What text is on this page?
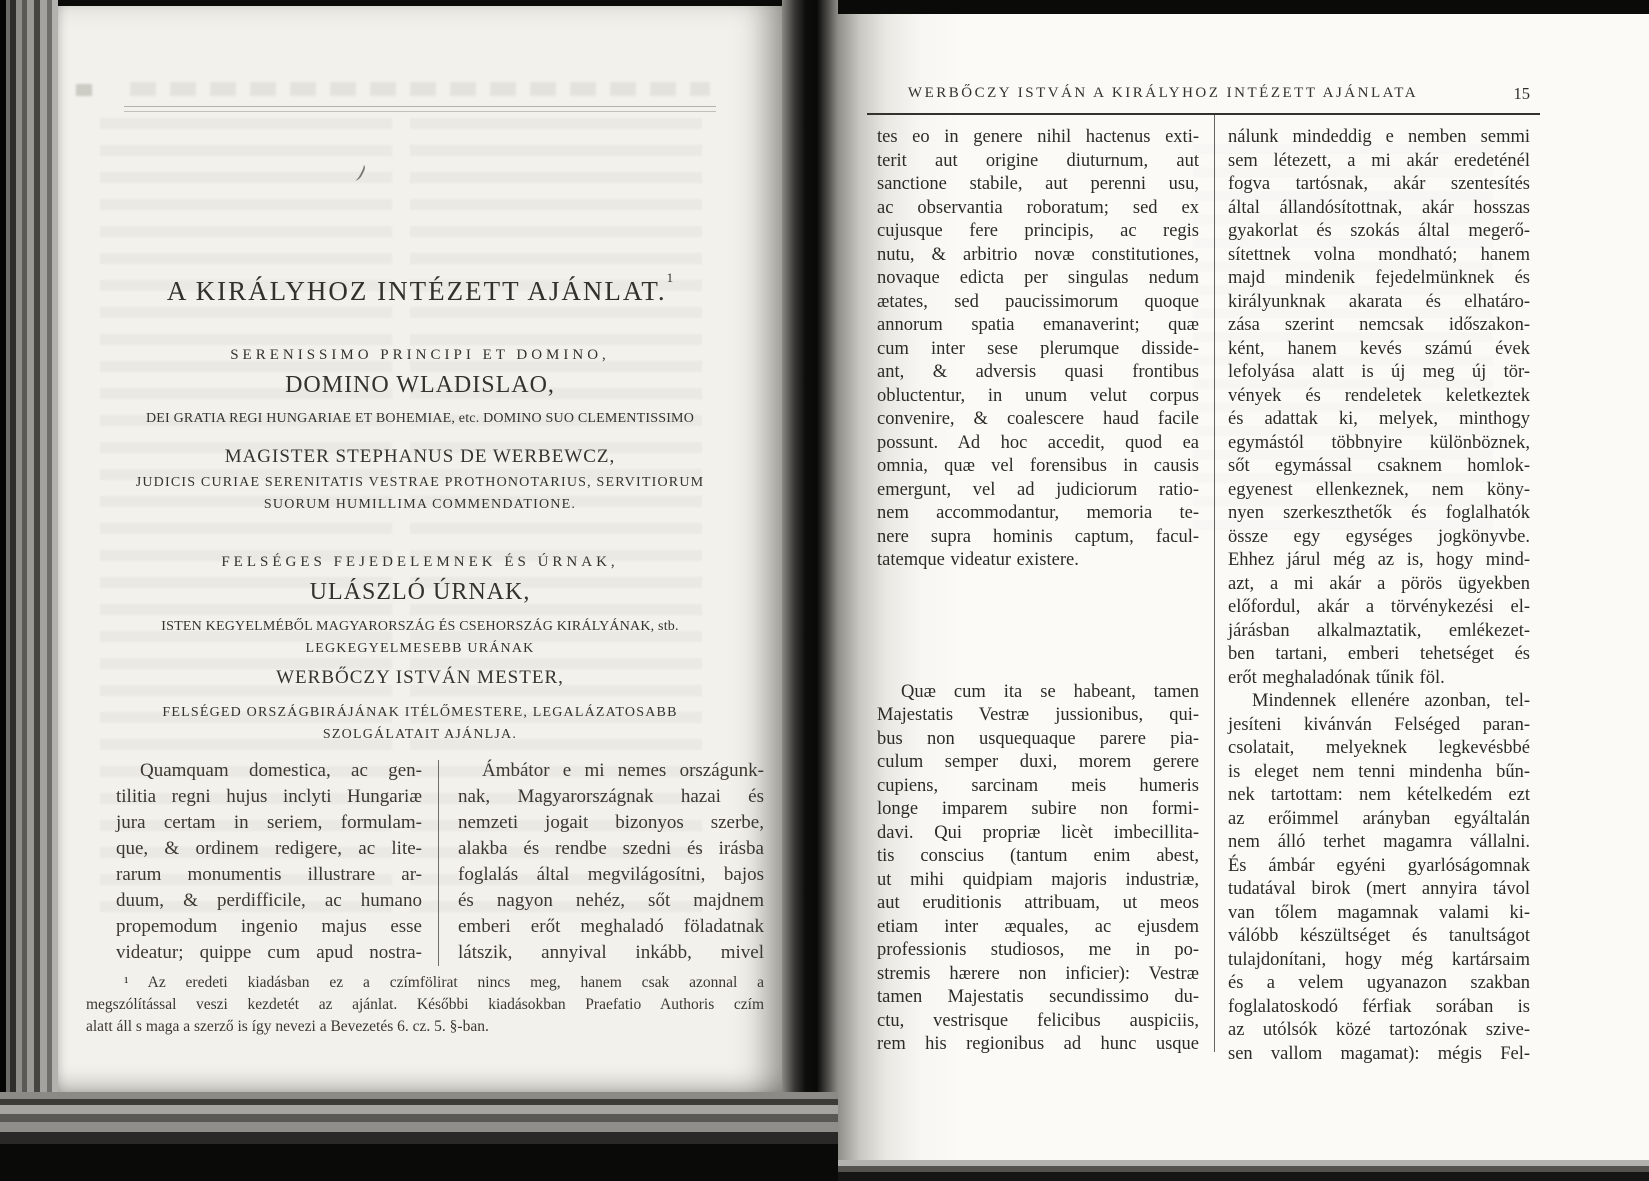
A KIRÁLYHOZ INTÉZETT AJÁNLAT.$^1$
SERENISSIMO PRINCIPI ET DOMINO,
DOMINO WLADISLAO,
DEI GRATIA REGI HUNGARIAE ET BOHEMIAE, etc. DOMINO SUO CLEMENTISSIMO
MAGISTER STEPHANUS DE WERBEWCZ,
JUDICIS CURIAE SERENITATIS VESTRAE PROTHONOTARIUS, SERVITIORUM
SUORUM HUMILLIMA COMMENDATIONE.
FELSÉGES FEJEDELEMNEK ÉS ÚRNAK,
ULÁSZLÓ ÚRNAK,
ISTEN KEGYELMÉBŐL MAGYARORSZÁG ÉS CSEHORSZÁG KIRÁLYÁNAK, stb.
LEGKEGYELMESEBB URÁNAK
WERBŐCZY ISTVÁN MESTER,
FELSÉGED ORSZÁGBIRÁJÁNAK ITÉLŐMESTERE, LEGALÁZATOSABB
SZOLGÁLATAIT AJÁNLJA.
Quamquam domestica, ac gen-
tilitia regni hujus inclyti Hungariæ
jura certam in seriem, formulam-
que, & ordinem redigere, ac lite-
rarum monumentis illustrare ar-
duum, & perdifficile, ac humano
propemodum ingenio majus esse
videatur; quippe cum apud nostra-
Ámbátor e mi nemes országunk-
nak, Magyarországnak hazai és
nemzeti jogait bizonyos szerbe,
alakba és rendbe szedni és irásba
foglalás által megvilágosítni, bajos
és nagyon nehéz, sőt majdnem
emberi erőt meghaladó föladatnak
látszik, annyival inkább, mivel
¹ Az eredeti kiadásban ez a czímfölirat nincs meg, hanem csak azonnal a
megszólítással veszi kezdetét az ajánlat. Későbbi kiadásokban Praefatio Authoris czím
alatt áll s maga a szerző is így nevezi a Bevezetés 6. cz. 5. §-ban.
WERBŐCZY ISTVÁN A KIRÁLYHOZ INTÉZETT AJÁNLATA	15
tes eo in genere nihil hactenus exti-
terit aut origine diuturnum, aut
sanctione stabile, aut perenni usu,
ac observantia roboratum; sed ex
cujusque fere principis, ac regis
nutu, & arbitrio novæ constitutiones,
novaque edicta per singulas nedum
ætates, sed paucissimorum quoque
annorum spatia emanaverint; quæ
cum inter sese plerumque disside-
ant, & adversis quasi frontibus
obluctentur, in unum velut corpus
convenire, & coalescere haud facile
possunt. Ad hoc accedit, quod ea
omnia, quæ vel forensibus in causis
emergunt, vel ad judiciorum ratio-
nem accommodantur, memoria te-
nere supra hominis captum, facul-
tatemque videatur existere.
Quæ cum ita se habeant, tamen
Majestatis Vestræ jussionibus, qui-
bus non usquequaque parere pia-
culum semper duxi, morem gerere
cupiens, sarcinam meis humeris
longe imparem subire non formi-
davi. Qui propriæ licèt imbecillita-
tis conscius (tantum enim abest,
ut mihi quidpiam majoris industriæ,
aut eruditionis attribuam, ut meos
etiam inter æquales, ac ejusdem
professionis studiosos, me in po-
stremis hærere non inficier): Vestræ
tamen Majestatis secundissimo du-
ctu, vestrisque felicibus auspiciis,
rem his regionibus ad hunc usque
nálunk mindeddig e nemben semmi
sem létezett, a mi akár eredeténél
fogva tartósnak, akár szentesítés
által állandósítottnak, akár hosszas
gyakorlat és szokás által megerő-
sítettnek volna mondható; hanem
majd mindenik fejedelmünknek és
királyunknak akarata és elhatáro-
zása szerint nemcsak időszakon-
ként, hanem kevés számú évek
lefolyása alatt is új meg új tör-
vények és rendeletek keletkeztek
és adattak ki, melyek, minthogy
egymástól többnyire különböznek,
sőt egymással csaknem homlok-
egyenest ellenkeznek, nem köny-
nyen szerkeszthetők és foglalhatók
össze egy egységes jogkönyvbe.
Ehhez járul még az is, hogy mind-
azt, a mi akár a pörös ügyekben
előfordul, akár a törvénykezési el-
járásban alkalmaztatik, emlékezet-
ben tartani, emberi tehetséget és
erőt meghaladónak tűnik föl.
Mindennek ellenére azonban, tel-
jesíteni kivánván Felséged paran-
csolatait, melyeknek legkevésbbé
is eleget nem tenni mindenha bűn-
nek tartottam: nem kételkedém ezt
az erőimmel arányban egyáltalán
nem álló terhet magamra vállalni.
És ámbár egyéni gyarlóságomnak
tudatával birok (mert annyira távol
van tőlem magamnak valami ki-
válóbb készültséget és tanultságot
tulajdonítani, hogy még kartársaim
és a velem ugyanazon szakban
foglalatoskodó férfiak sorában is
az utólsók közé tartozónak szive-
sen vallom magamat): mégis Fel-
